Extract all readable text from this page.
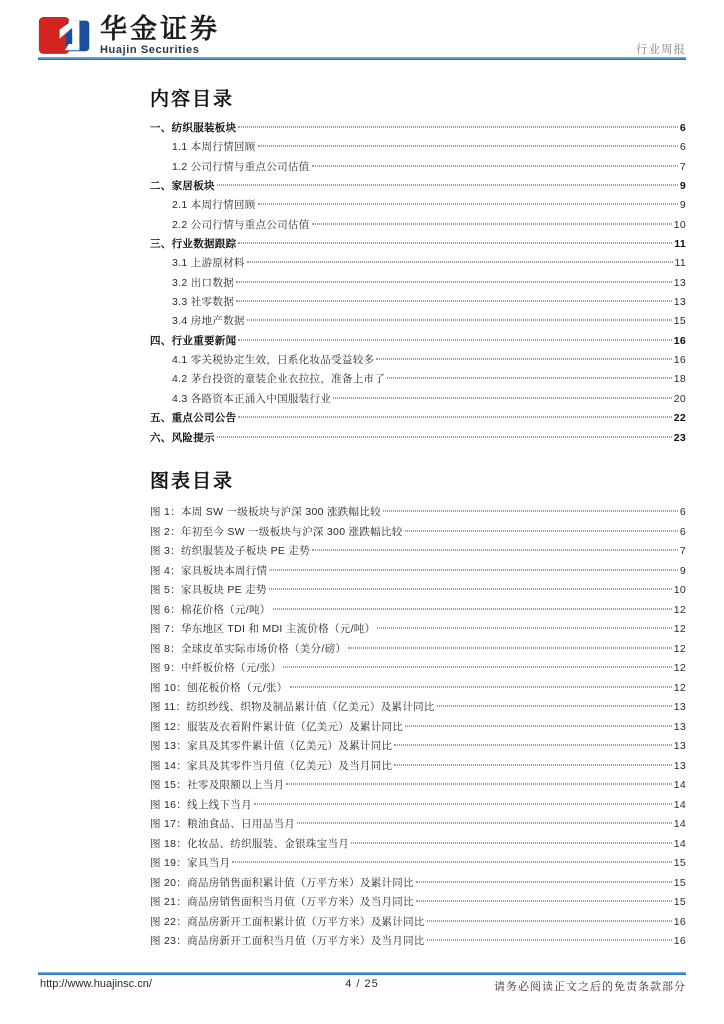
华金证券
Huajin Securities	行业周报
内容目录
一、纺织服装板块	6
1.1 本周行情回顾	6
1.2 公司行情与重点公司估值	7
二、家居板块	9
2.1 本周行情回顾	9
2.2 公司行情与重点公司估值	10
三、行业数据跟踪	11
3.1 上游原材料	11
3.2 出口数据	13
3.3 社零数据	13
3.4 房地产数据	15
四、行业重要新闻	16
4.1 零关税协定生效，日系化妆品受益较多	16
4.2 茅台投资的童装企业衣拉拉，准备上市了	18
4.3 各路资本正涌入中国服装行业	20
五、重点公司公告	22
六、风险提示	23
图表目录
图 1：本周 SW 一级板块与沪深 300 涨跌幅比较	6
图 2：年初至今 SW 一级板块与沪深 300 涨跌幅比较	6
图 3：纺织服装及子板块 PE 走势	7
图 4：家具板块本周行情	9
图 5：家具板块 PE 走势	10
图 6：棉花价格（元/吨）	12
图 7：华东地区 TDI 和 MDI 主流价格（元/吨）	12
图 8：全球皮革实际市场价格（美分/磅）	12
图 9：中纤板价格（元/张）	12
图 10：刨花板价格（元/张）	12
图 11：纺织纱线、织物及制品累计值（亿美元）及累计同比	13
图 12：服装及衣着附件累计值（亿美元）及累计同比	13
图 13：家具及其零件累计值（亿美元）及累计同比	13
图 14：家具及其零件当月值（亿美元）及当月同比	13
图 15：社零及限额以上当月	14
图 16：线上线下当月	14
图 17：粮油食品、日用品当月	14
图 18：化妆品、纺织服装、金银珠宝当月	14
图 19：家具当月	15
图 20：商品房销售面积累计值（万平方米）及累计同比	15
图 21：商品房销售面积当月值（万平方米）及当月同比	15
图 22：商品房新开工面积累计值（万平方米）及累计同比	16
图 23：商品房新开工面积当月值（万平方米）及当月同比	16
http://www.huajinsc.cn/	4 / 25	请务必阅读正文之后的免责条款部分
